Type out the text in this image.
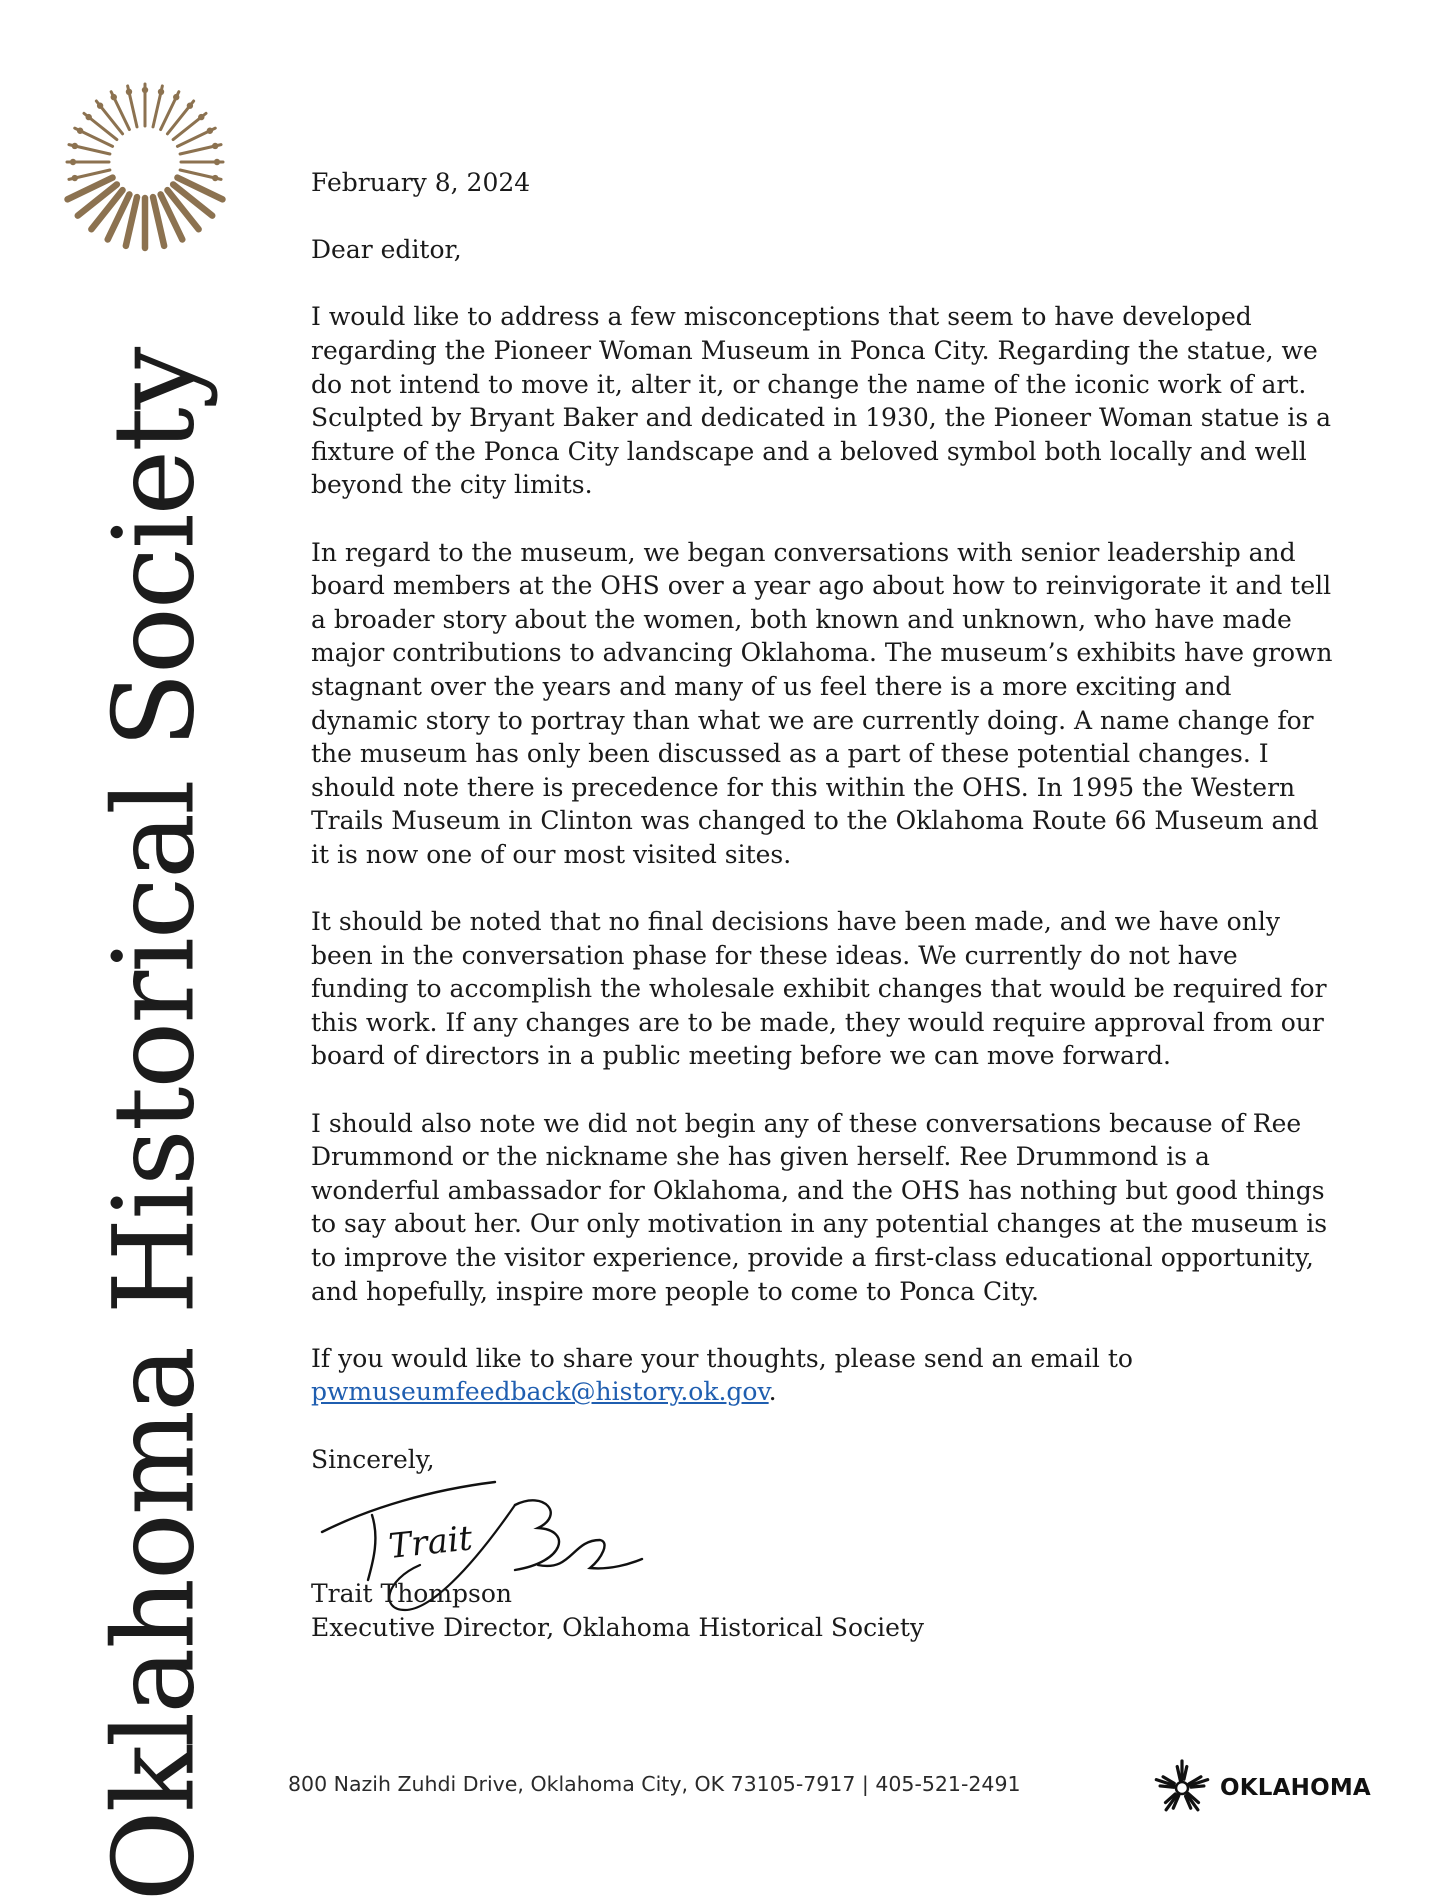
Oklahoma Historical Society

February 8, 2024

Dear editor,

I would like to address a few misconceptions that seem to have developed regarding the Pioneer Woman Museum in Ponca City. Regarding the statue, we do not intend to move it, alter it, or change the name of the iconic work of art. Sculpted by Bryant Baker and dedicated in 1930, the Pioneer Woman statue is a fixture of the Ponca City landscape and a beloved symbol both locally and well beyond the city limits.

In regard to the museum, we began conversations with senior leadership and board members at the OHS over a year ago about how to reinvigorate it and tell a broader story about the women, both known and unknown, who have made major contributions to advancing Oklahoma. The museum’s exhibits have grown stagnant over the years and many of us feel there is a more exciting and dynamic story to portray than what we are currently doing. A name change for the museum has only been discussed as a part of these potential changes. I should note there is precedence for this within the OHS. In 1995 the Western Trails Museum in Clinton was changed to the Oklahoma Route 66 Museum and it is now one of our most visited sites.

It should be noted that no final decisions have been made, and we have only been in the conversation phase for these ideas. We currently do not have funding to accomplish the wholesale exhibit changes that would be required for this work. If any changes are to be made, they would require approval from our board of directors in a public meeting before we can move forward.

I should also note we did not begin any of these conversations because of Ree Drummond or the nickname she has given herself. Ree Drummond is a wonderful ambassador for Oklahoma, and the OHS has nothing but good things to say about her. Our only motivation in any potential changes at the museum is to improve the visitor experience, provide a first-class educational opportunity, and hopefully, inspire more people to come to Ponca City.

If you would like to share your thoughts, please send an email to pwmuseumfeedback@history.ok.gov.

Sincerely,

Trait
Trait Thompson
Executive Director, Oklahoma Historical Society
800 Nazih Zuhdi Drive, Oklahoma City, OK 73105-7917 | 405-521-2491	OKLAHOMA
